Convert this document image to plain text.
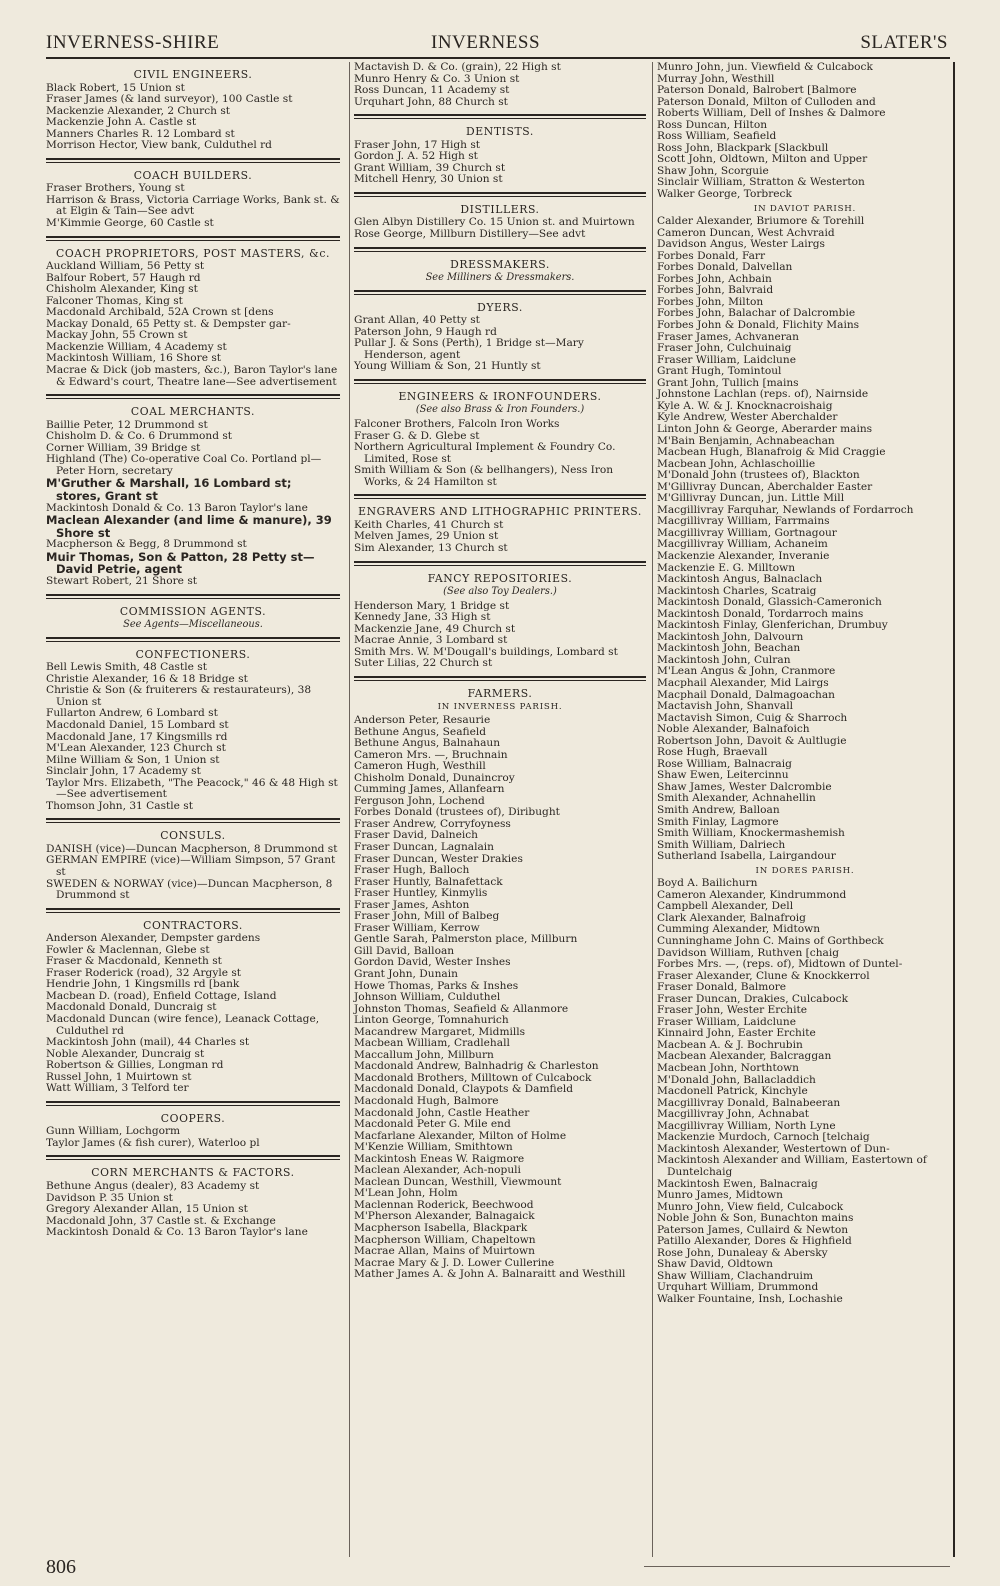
INVERNESS-SHIRE	INVERNESS	SLATER'S
CIVIL ENGINEERS.
Black Robert, 15 Union st
Fraser James (& land surveyor), 100 Castle st
Mackenzie Alexander, 2 Church st
Mackenzie John A. Castle st
Manners Charles R. 12 Lombard st
Morrison Hector, View bank, Culduthel rd
COACH BUILDERS.
Fraser Brothers, Young st
Harrison & Brass, Victoria Carriage Works, Bank st. & at Elgin & Tain—See advt
M'Kimmie George, 60 Castle st
COACH PROPRIETORS, POST MASTERS, &c.
Auckland William, 56 Petty st
Balfour Robert, 57 Haugh rd
Chisholm Alexander, King st
Falconer Thomas, King st
Macdonald Archibald, 52A Crown st [dens
Mackay Donald, 65 Petty st. & Dempster gar-
Mackay John, 55 Crown st
Mackenzie William, 4 Academy st
Mackintosh William, 16 Shore st
Macrae & Dick (job masters, &c.), Baron Taylor's lane & Edward's court, Theatre lane—See advertisement
COAL MERCHANTS.
Baillie Peter, 12 Drummond st
Chisholm D. & Co. 6 Drummond st
Corner William, 39 Bridge st
Highland (The) Co-operative Coal Co. Portland pl—Peter Horn, secretary
M'Gruther & Marshall, 16 Lombard st; stores, Grant st
Mackintosh Donald & Co. 13 Baron Taylor's lane
Maclean Alexander (and lime & manure), 39 Shore st
Macpherson & Begg, 8 Drummond st
Muir Thomas, Son & Patton, 28 Petty st—David Petrie, agent
Stewart Robert, 21 Shore st
COMMISSION AGENTS.
See Agents—Miscellaneous.
CONFECTIONERS.
Bell Lewis Smith, 48 Castle st
Christie Alexander, 16 & 18 Bridge st
Christie & Son (& fruiterers & restaurateurs), 38 Union st
Fullarton Andrew, 6 Lombard st
Macdonald Daniel, 15 Lombard st
Macdonald Jane, 17 Kingsmills rd
M'Lean Alexander, 123 Church st
Milne William & Son, 1 Union st
Sinclair John, 17 Academy st
Taylor Mrs. Elizabeth, "The Peacock," 46 & 48 High st—See advertisement
Thomson John, 31 Castle st
CONSULS.
DANISH (vice)—Duncan Macpherson, 8 Drummond st
GERMAN EMPIRE (vice)—William Simpson, 57 Grant st
SWEDEN & NORWAY (vice)—Duncan Macpherson, 8 Drummond st
CONTRACTORS.
Anderson Alexander, Dempster gardens
Fowler & Maclennan, Glebe st
Fraser & Macdonald, Kenneth st
Fraser Roderick (road), 32 Argyle st
Hendrie John, 1 Kingsmills rd [bank
Macbean D. (road), Enfield Cottage, Island
Macdonald Donald, Duncraig st
Macdonald Duncan (wire fence), Leanack Cottage, Culduthel rd
Mackintosh John (mail), 44 Charles st
Noble Alexander, Duncraig st
Robertson & Gillies, Longman rd
Russel John, 1 Muirtown st
Watt William, 3 Telford ter
COOPERS.
Gunn William, Lochgorm
Taylor James (& fish curer), Waterloo pl
CORN MERCHANTS & FACTORS.
Bethune Angus (dealer), 83 Academy st
Davidson P. 35 Union st
Gregory Alexander Allan, 15 Union st
Macdonald John, 37 Castle st. & Exchange
Mackintosh Donald & Co. 13 Baron Taylor's lane
Mactavish D. & Co. (grain), 22 High st
Munro Henry & Co. 3 Union st
Ross Duncan, 11 Academy st
Urquhart John, 88 Church st
DENTISTS.
Fraser John, 17 High st
Gordon J. A. 52 High st
Grant William, 39 Church st
Mitchell Henry, 30 Union st
DISTILLERS.
Glen Albyn Distillery Co. 15 Union st. and Muirtown
Rose George, Millburn Distillery—See advt
DRESSMAKERS.
See Milliners & Dressmakers.
DYERS.
Grant Allan, 40 Petty st
Paterson John, 9 Haugh rd
Pullar J. & Sons (Perth), 1 Bridge st—Mary Henderson, agent
Young William & Son, 21 Huntly st
ENGINEERS & IRONFOUNDERS.
(See also Brass & Iron Founders.)
Falconer Brothers, Falcoln Iron Works
Fraser G. & D. Glebe st
Northern Agricultural Implement & Foundry Co. Limited, Rose st
Smith William & Son (& bellhangers), Ness Iron Works, & 24 Hamilton st
ENGRAVERS AND LITHOGRAPHIC PRINTERS.
Keith Charles, 41 Church st
Melven James, 29 Union st
Sim Alexander, 13 Church st
FANCY REPOSITORIES.
(See also Toy Dealers.)
Henderson Mary, 1 Bridge st
Kennedy Jane, 33 High st
Mackenzie Jane, 49 Church st
Macrae Annie, 3 Lombard st
Smith Mrs. W. M'Dougall's buildings, Lombard st
Suter Lilias, 22 Church st
FARMERS.
IN INVERNESS PARISH.
Anderson Peter, Resaurie
Bethune Angus, Seafield
Bethune Angus, Balnahaun
Cameron Mrs. —, Bruchnain
Cameron Hugh, Westhill
Chisholm Donald, Dunaincroy
Cumming James, Allanfearn
Ferguson John, Lochend
Forbes Donald (trustees of), Diribught
Fraser Andrew, Corryfoyness
Fraser David, Dalneich
Fraser Duncan, Lagnalain
Fraser Duncan, Wester Drakies
Fraser Hugh, Balloch
Fraser Huntly, Balnafettack
Fraser Huntley, Kinmylis
Fraser James, Ashton
Fraser John, Mill of Balbeg
Fraser William, Kerrow
Gentle Sarah, Palmerston place, Millburn
Gill David, Balloan
Gordon David, Wester Inshes
Grant John, Dunain
Howe Thomas, Parks & Inshes
Johnson William, Culduthel
Johnston Thomas, Seafield & Allanmore
Linton George, Tomnahurich
Macandrew Margaret, Midmills
Macbean William, Cradlehall
Maccallum John, Millburn
Macdonald Andrew, Balnhadrig & Charleston
Macdonald Brothers, Milltown of Culcabock
Macdonald Donald, Claypots & Damfield
Macdonald Hugh, Balmore
Macdonald John, Castle Heather
Macdonald Peter G. Mile end
Macfarlane Alexander, Milton of Holme
M'Kenzie William, Smithtown
Mackintosh Eneas W. Raigmore
Maclean Alexander, Ach-nopuli
Maclean Duncan, Westhill, Viewmount
M'Lean John, Holm
Maclennan Roderick, Beechwood
M'Pherson Alexander, Balnagaick
Macpherson Isabella, Blackpark
Macpherson William, Chapeltown
Macrae Allan, Mains of Muirtown
Macrae Mary & J. D. Lower Cullerine
Mather James A. & John A. Balnaraitt and Westhill
Munro John, jun. Viewfield & Culcabock
Murray John, Westhill
Paterson Donald, Balrobert [Balmore
Paterson Donald, Milton of Culloden and
Roberts William, Dell of Inshes & Dalmore
Ross Duncan, Hilton
Ross William, Seafield
Ross John, Blackpark [Slackbull
Scott John, Oldtown, Milton and Upper
Shaw John, Scorguie
Sinclair William, Stratton & Westerton
Walker George, Torbreck
IN DAVIOT PARISH.
Calder Alexander, Briumore & Torehill
Cameron Duncan, West Achvraid
Davidson Angus, Wester Lairgs
Forbes Donald, Farr
Forbes Donald, Dalvellan
Forbes John, Achbain
Forbes John, Balvraid
Forbes John, Milton
Forbes John, Balachar of Dalcrombie
Forbes John & Donald, Flichity Mains
Fraser James, Achvaneran
Fraser John, Culchuinaig
Fraser William, Laidclune
Grant Hugh, Tomintoul
Grant John, Tullich [mains
Johnstone Lachlan (reps. of), Nairnside
Kyle A. W. & J. Knocknacroishaig
Kyle Andrew, Wester Aberchalder
Linton John & George, Aberarder mains
M'Bain Benjamin, Achnabeachan
Macbean Hugh, Blanafroig & Mid Craggie
Macbean John, Achlaschoillie
M'Donald John (trustees of), Blackton
M'Gillivray Duncan, Aberchalder Easter
M'Gillivray Duncan, jun. Little Mill
Macgillivray Farquhar, Newlands of Fordarroch
Macgillivray William, Farrmains
Macgillivray William, Gortnagour
Macgillivray William, Achaneim
Mackenzie Alexander, Inveranie
Mackenzie E. G. Milltown
Mackintosh Angus, Balnaclach
Mackintosh Charles, Scatraig
Mackintosh Donald, Glassich-Cameronich
Mackintosh Donald, Tordarroch mains
Mackintosh Finlay, Glenferichan, Drumbuy
Mackintosh John, Dalvourn
Mackintosh John, Beachan
Mackintosh John, Culran
M'Lean Angus & John, Cranmore
Macphail Alexander, Mid Lairgs
Macphail Donald, Dalmagoachan
Mactavish John, Shanvall
Mactavish Simon, Cuig & Sharroch
Noble Alexander, Balnafoich
Robertson John, Davoit & Aultlugie
Rose Hugh, Braevall
Rose William, Balnacraig
Shaw Ewen, Leitercinnu
Shaw James, Wester Dalcrombie
Smith Alexander, Achnahellin
Smith Andrew, Balloan
Smith Finlay, Lagmore
Smith William, Knockermashemish
Smith William, Dalriech
Sutherland Isabella, Lairgandour
IN DORES PARISH.
Boyd A. Bailichurn
Cameron Alexander, Kindrummond
Campbell Alexander, Dell
Clark Alexander, Balnafroig
Cumming Alexander, Midtown
Cunninghame John C. Mains of Gorthbeck
Davidson William, Ruthven [chaig
Forbes Mrs. —, (reps. of), Midtown of Duntel-
Fraser Alexander, Clune & Knockkerrol
Fraser Donald, Balmore
Fraser Duncan, Drakies, Culcabock
Fraser John, Wester Erchite
Fraser William, Laidclune
Kinnaird John, Easter Erchite
Macbean A. & J. Bochrubin
Macbean Alexander, Balcraggan
Macbean John, Northtown
M'Donald John, Ballacladdich
Macdonell Patrick, Kinchyle
Macgillivray Donald, Balnabeeran
Macgillivray John, Achnabat
Macgillivray William, North Lyne
Mackenzie Murdoch, Carnoch [telchaig
Mackintosh Alexander, Westertown of Dun-
Mackintosh Alexander and William, Eastertown of Duntelchaig
Mackintosh Ewen, Balnacraig
Munro James, Midtown
Munro John, View field, Culcabock
Noble John & Son, Bunachton mains
Paterson James, Cullaird & Newton
Patillo Alexander, Dores & Highfield
Rose John, Dunaleay & Abersky
Shaw David, Oldtown
Shaw William, Clachandruim
Urquhart William, Drummond
Walker Fountaine, Insh, Lochashie
806
